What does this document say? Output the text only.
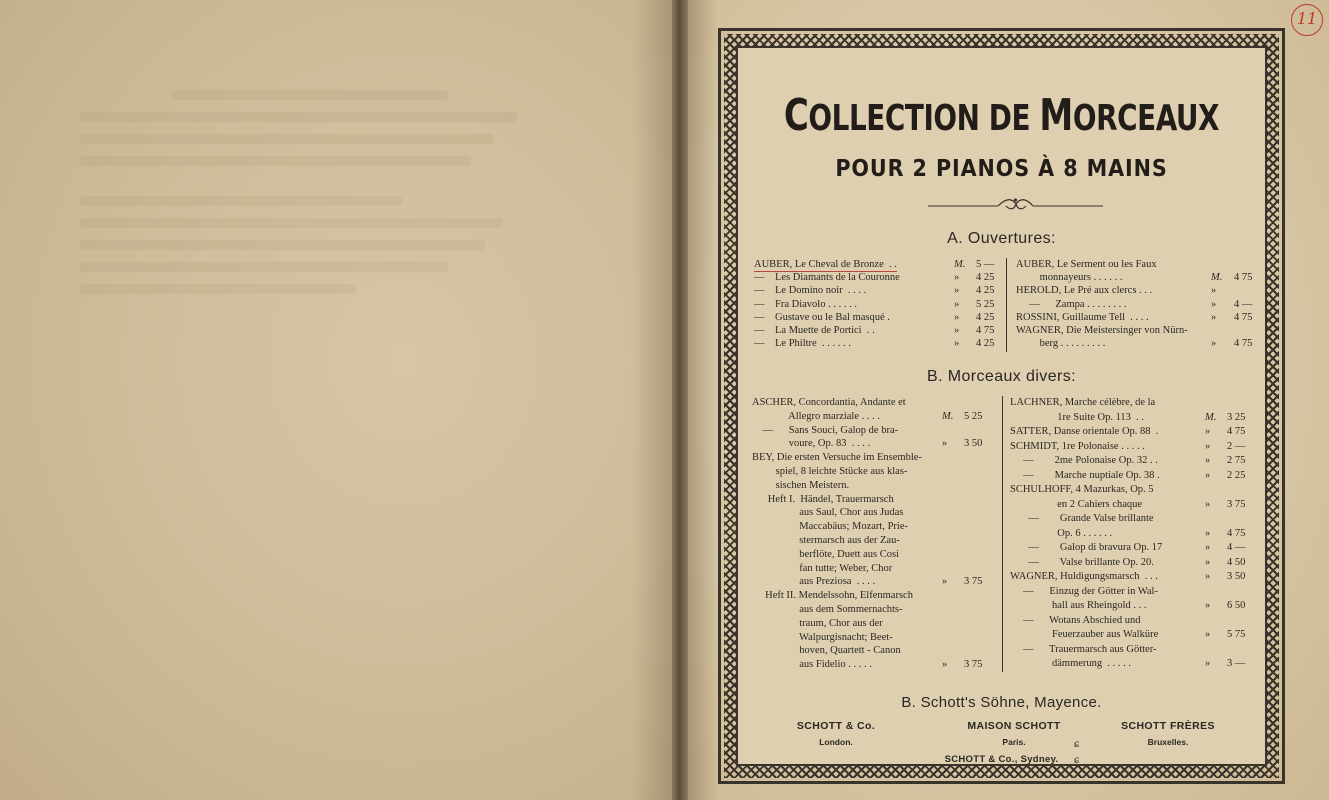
11
COLLECTION DE MORCEAUX
POUR 2 PIANOS À 8 MAINS
A. Ouvertures:
AUBER, Le Cheval de Bronze  . .	M. 5 —
—    Les Diamants de la Couronne	» 4 25
—    Le Domino noir  . . . .	» 4 25
—    Fra Diavolo . . . . . .	» 5 25
—    Gustave ou le Bal masqué .	» 4 25
—    La Muette de Portici  . .	» 4 75
—    Le Philtre  . . . . . .	» 4 25
AUBER, Le Serment ou les Faux
monnayeurs . . . . . .	M. 4 75
HEROLD, Le Pré aux clercs . . .	»
—      Zampa . . . . . . . .	» 4 —
ROSSINI, Guillaume Tell  . . . .	» 4 75
WAGNER, Die Meistersinger von Nürn-
berg . . . . . . . . .	» 4 75
B. Morceaux divers:
ASCHER, Concordantia, Andante et
Allegro marziale . . . .	M. 5 25
—      Sans Souci, Galop de bra-
voure, Op. 83  . . . .	» 3 50
BEY, Die ersten Versuche im Ensemble-
spiel, 8 leichte Stücke aus klas-
sischen Meistern.
Heft I.  Händel, Trauermarsch
aus Saul, Chor aus Judas
Maccabäus; Mozart, Prie-
stermarsch aus der Zau-
berflöte, Duett aus Cosi
fan tutte; Weber, Chor
aus Preziosa  . . . .	» 3 75
Heft II. Mendelssohn, Elfenmarsch
aus dem Sommernachts-
traum, Chor aus der
Walpurgisnacht; Beet-
hoven, Quartett - Canon
aus Fidelio . . . . .	» 3 75
LACHNER, Marche célèbre, de la
1re Suite Op. 113  . .	M. 3 25
SATTER, Danse orientale Op. 88  .	» 4 75
SCHMIDT, 1re Polonaise . . . . .	» 2 —
—        2me Polonaise Op. 32 . .	» 2 75
—        Marche nuptiale Op. 38 .	» 2 25
SCHULHOFF, 4 Mazurkas, Op. 5
en 2 Cahiers chaque	» 3 75
—        Grande Valse brillante
Op. 6 . . . . . .	» 4 75
—        Galop di bravura Op. 17	» 4 —
—        Valse brillante Op. 20.	» 4 50
WAGNER, Huldigungsmarsch  . . .	» 3 50
—      Einzug der Götter in Wal-
hall aus Rheingold . . .	» 6 50
—      Wotans Abschied und
Feuerzauber aus Walküre	» 5 75
—      Trauermarsch aus Götter-
dämmerung  . . . . .	» 3 —
B. Schott's Söhne, Mayence.
SCHOTT & Co.
London.
MAISON SCHOTT
Paris.
SCHOTT FRÈRES
Bruxelles.
SCHOTT & Co., Sydney.
ɕ
ɕ
